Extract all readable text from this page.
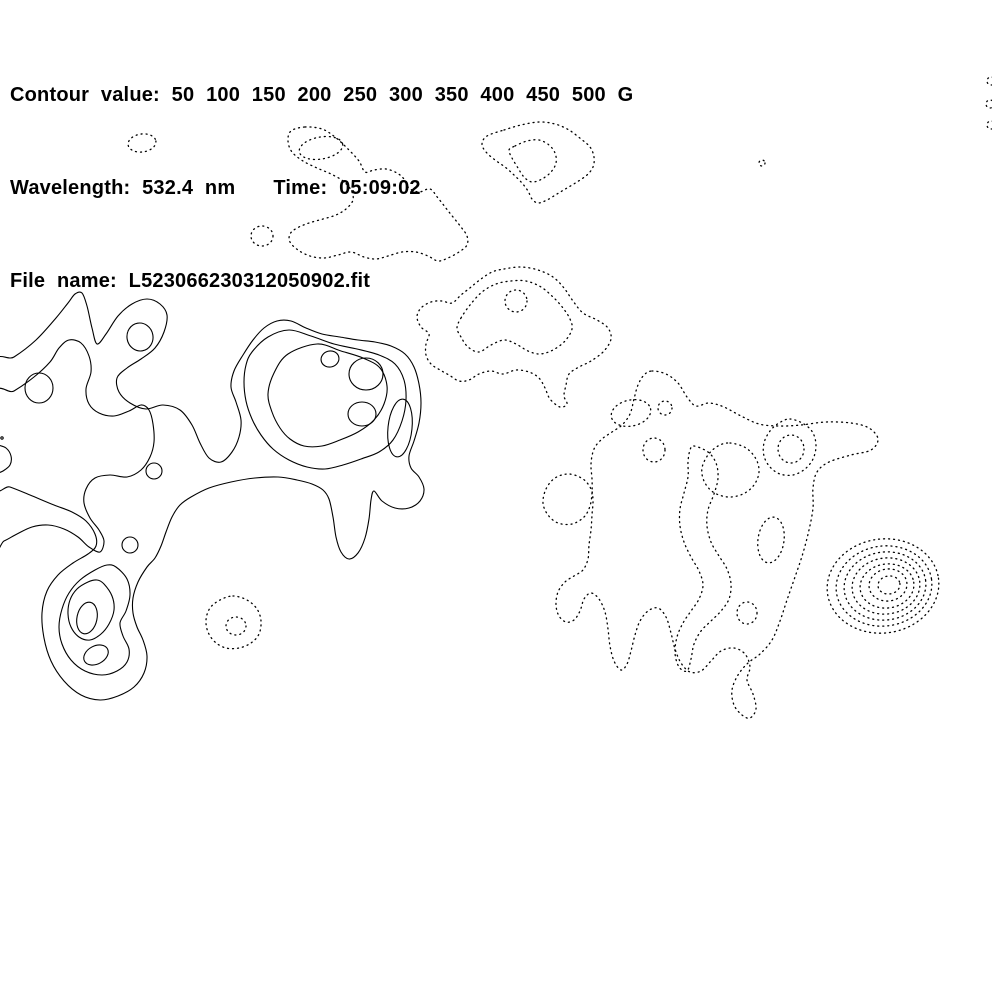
Contour value: 50 100 150 200 250 300 350 400 450 500 G

Wavelength: 532.4 nm Time: 05:09:02

File name: L523066230312050902.fit
